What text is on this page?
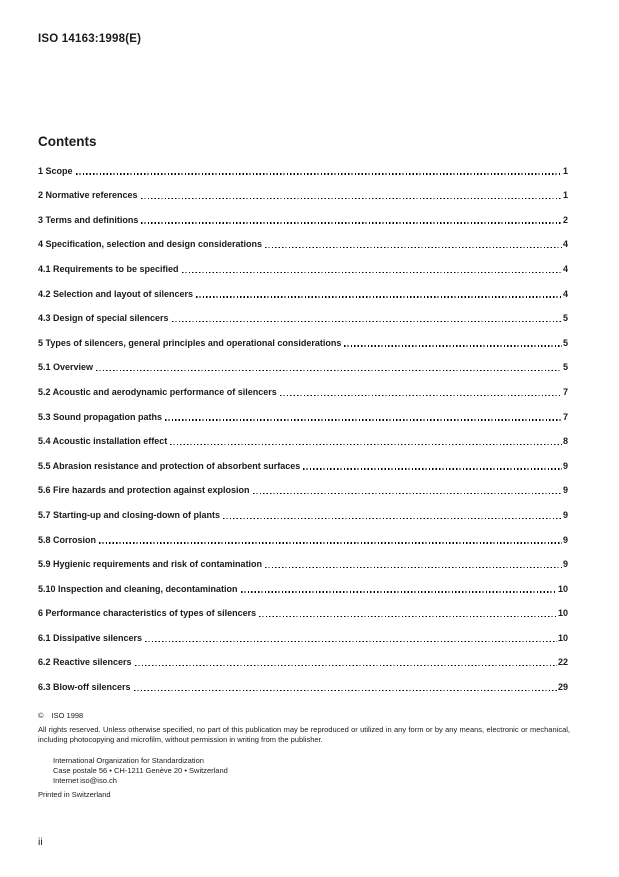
ISO 14163:1998(E)
Contents
1 Scope	1
2 Normative references	1
3 Terms and definitions	2
4 Specification, selection and design considerations	4
4.1 Requirements to be specified	4
4.2 Selection and layout of silencers	4
4.3 Design of special silencers	5
5 Types of silencers, general principles and operational considerations	5
5.1 Overview	5
5.2 Acoustic and aerodynamic performance of silencers	7
5.3 Sound propagation paths	7
5.4 Acoustic installation effect	8
5.5 Abrasion resistance and protection of absorbent surfaces	9
5.6 Fire hazards and protection against explosion	9
5.7 Starting-up and closing-down of plants	9
5.8 Corrosion	9
5.9 Hygienic requirements and risk of contamination	9
5.10 Inspection and cleaning, decontamination	10
6 Performance characteristics of types of silencers	10
6.1 Dissipative silencers	10
6.2 Reactive silencers	22
6.3 Blow-off silencers	29
© ISO 1998
All rights reserved. Unless otherwise specified, no part of this publication may be reproduced or utilized in any form or by any means, electronic or mechanical, including photocopying and microfilm, without permission in writing from the publisher.
International Organization for Standardization
Case postale 56 • CH-1211 Genève 20 • Switzerland
Internet iso@iso.ch
Printed in Switzerland
ii
